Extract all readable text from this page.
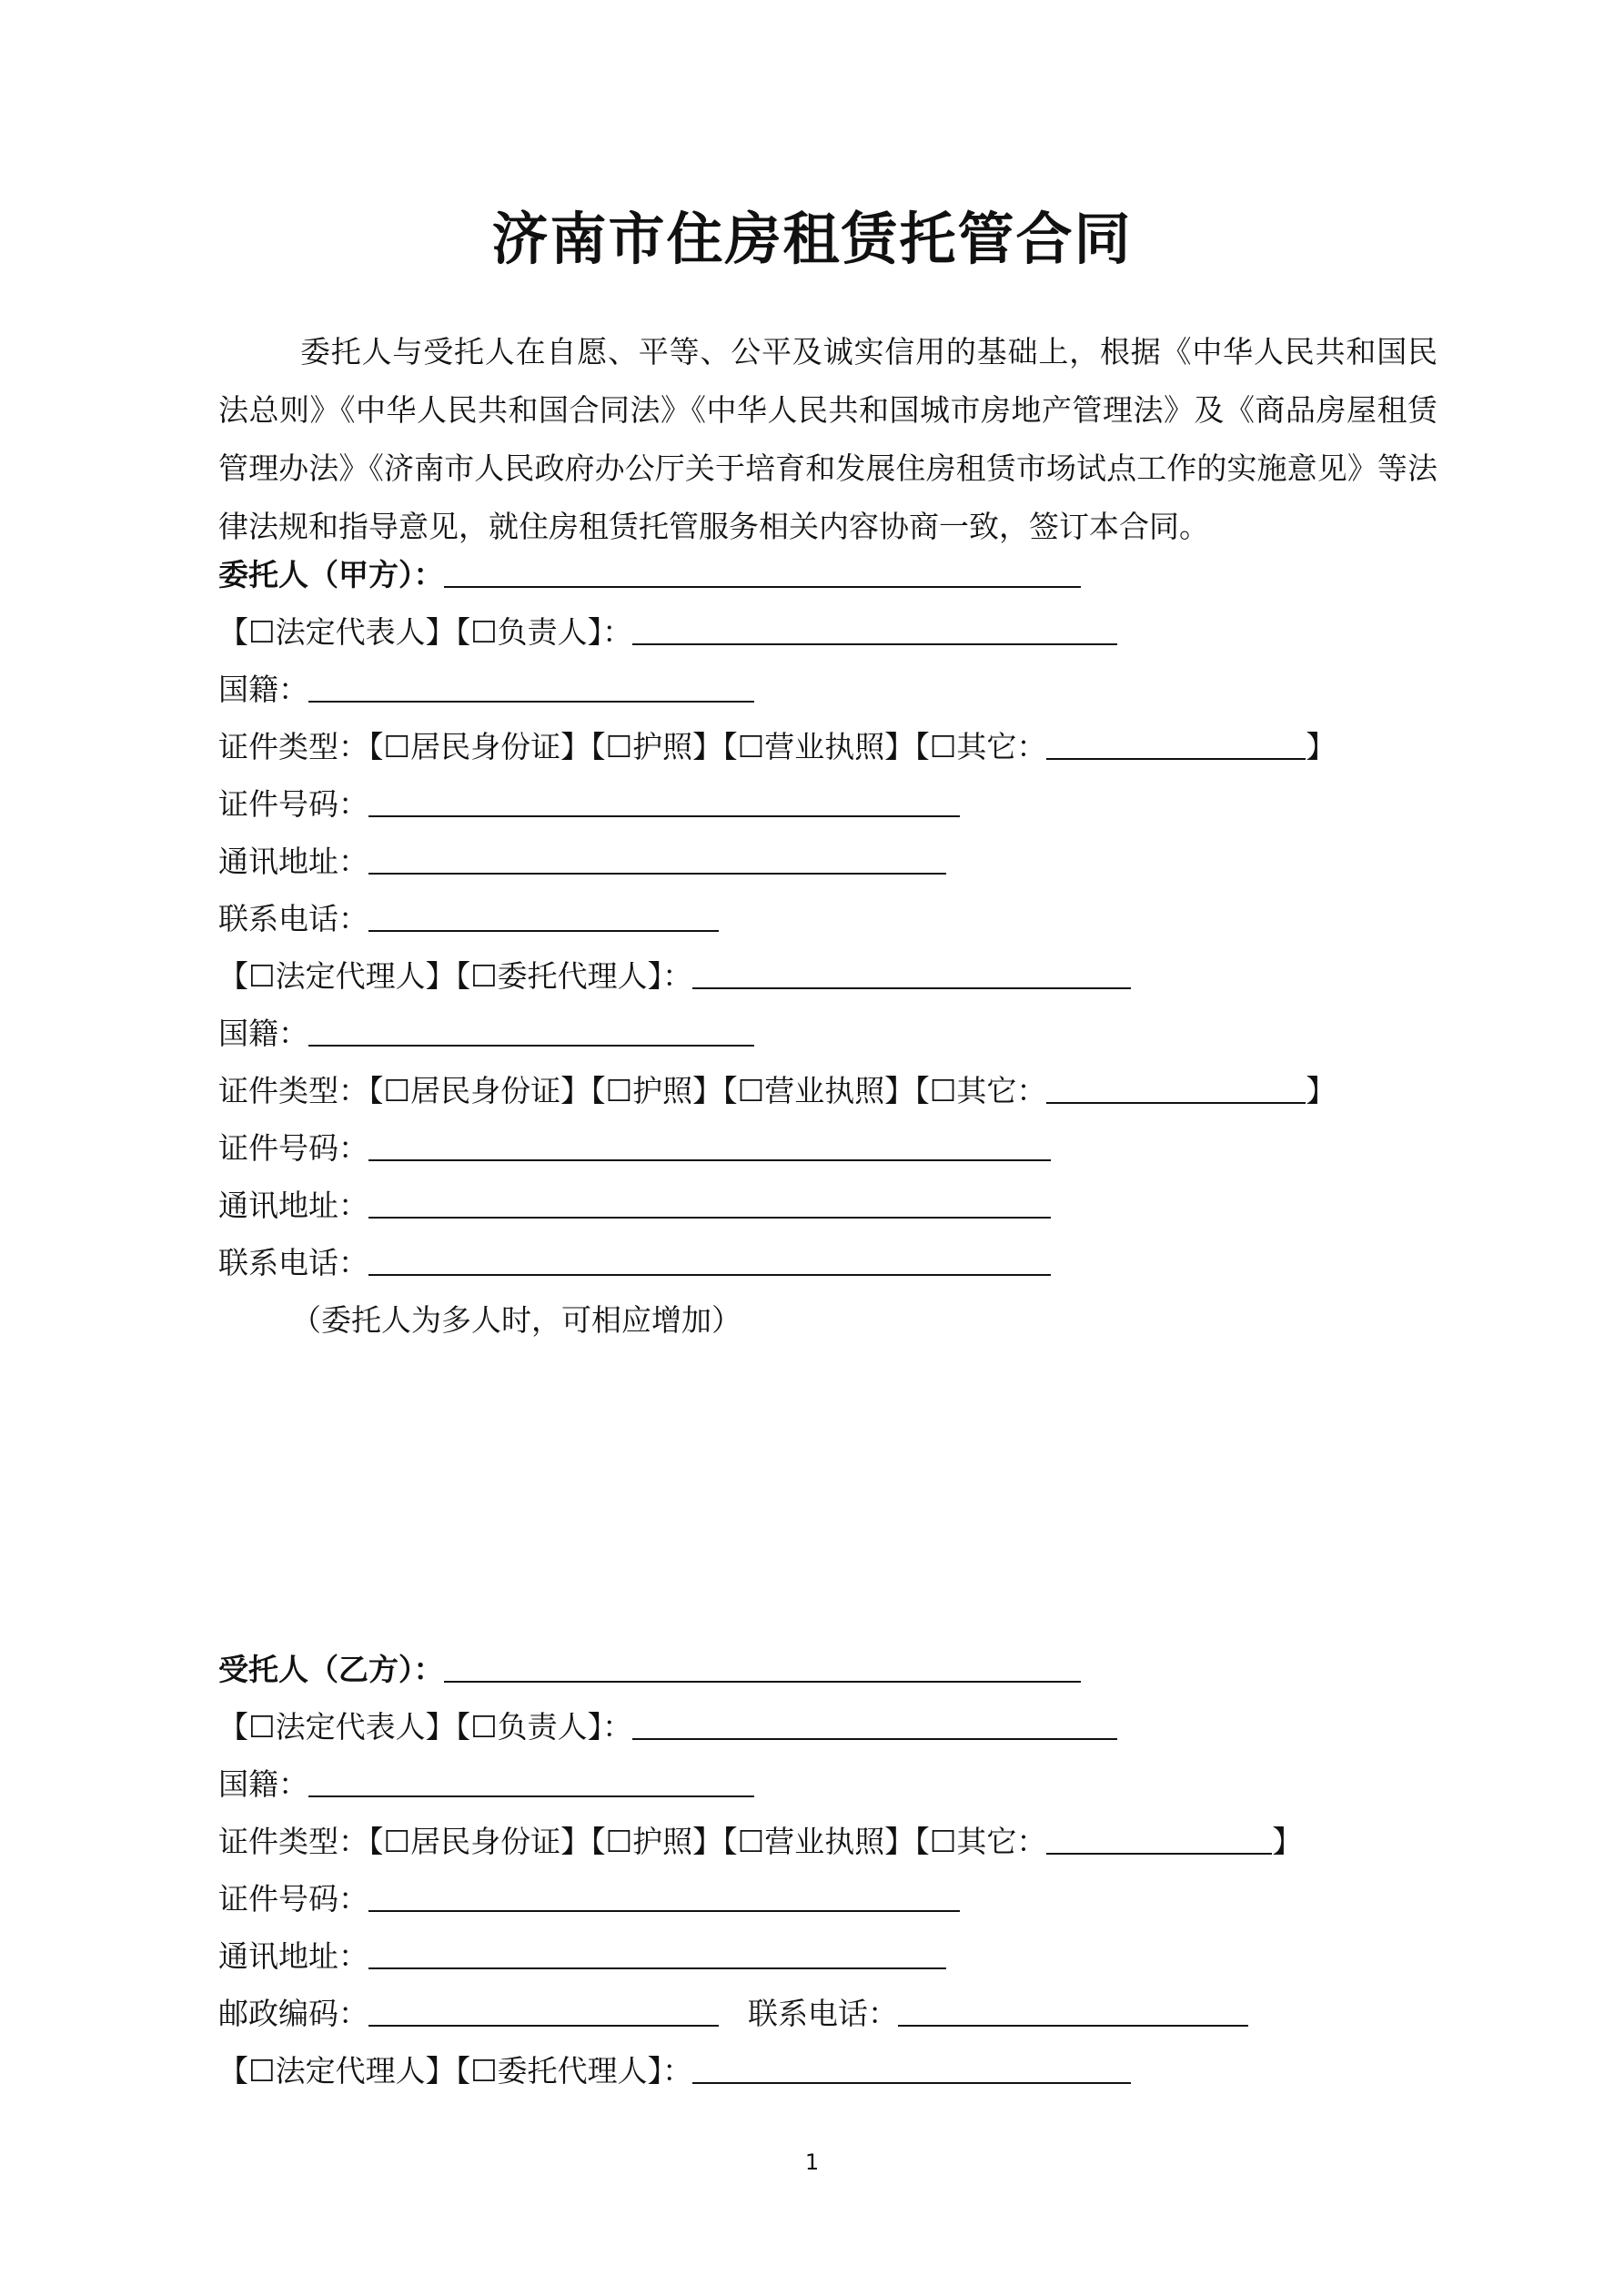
济南市住房租赁托管合同

委托人与受托人在自愿、平等、公平及诚实信用的基础上，根据《中华人民共和国民法总则》《中华人民共和国合同法》《中华人民共和国城市房地产管理法》及《商品房屋租赁管理办法》《济南市人民政府办公厅关于培育和发展住房租赁市场试点工作的实施意见》等法律法规和指导意见，就住房租赁托管服务相关内容协商一致，签订本合同。

委托人（甲方）：
【☐法定代表人】【☐负责人】：
国籍：
证件类型：【☐居民身份证】【☐护照】【☐营业执照】【☐其它：	】
证件号码：
通讯地址：
联系电话：
【☐法定代理人】【☐委托代理人】：
国籍：
证件类型：【☐居民身份证】【☐护照】【☐营业执照】【☐其它：	】
证件号码：
通讯地址：
联系电话：
（委托人为多人时，可相应增加）
受托人（乙方）：
【☐法定代表人】【☐负责人】：
国籍：
证件类型：【☐居民身份证】【☐护照】【☐营业执照】【☐其它：	】
证件号码：
通讯地址：
邮政编码：	联系电话：
【☐法定代理人】【☐委托代理人】：
1
